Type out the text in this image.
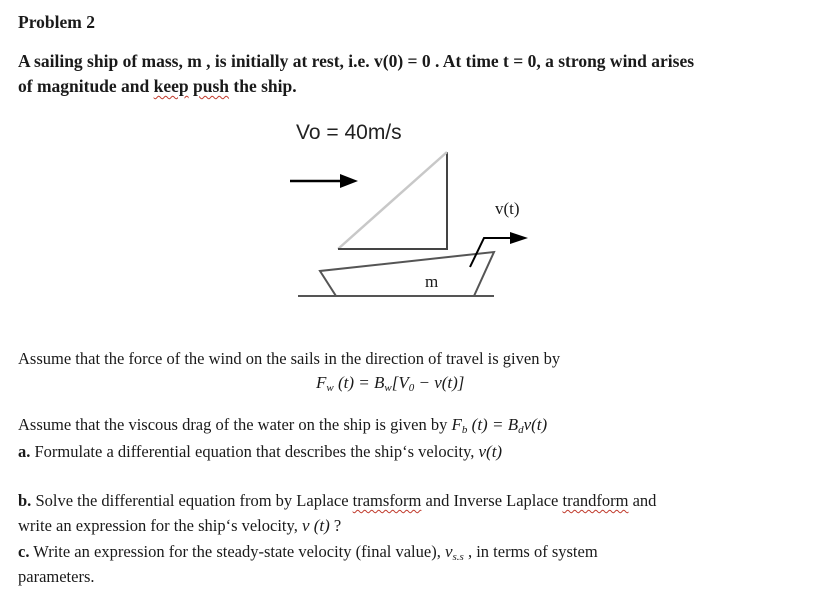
Problem 2
A sailing ship of mass, m , is initially at rest, i.e. v(0) = 0 . At time t = 0, a strong wind arises
of magnitude and keep push the ship.
Vo = 40m/s
v(t)
m
Assume that the force of the wind on the sails in the direction of travel is given by
$F_w$ $(t) = B_w[V_0 - v(t)]$
Assume that the viscous drag of the water on the ship is given by $F_b$ $(t) = B_dv(t)$
a. Formulate a differential equation that describes the ship‘s velocity, v(t)
b. Solve the differential equation from by Laplace tramsform and Inverse Laplace trandform and
write an expression for the ship‘s velocity, v (t) ?
c. Write an expression for the steady-state velocity (final value), $v_{s.s}$ , in terms of system
parameters.
